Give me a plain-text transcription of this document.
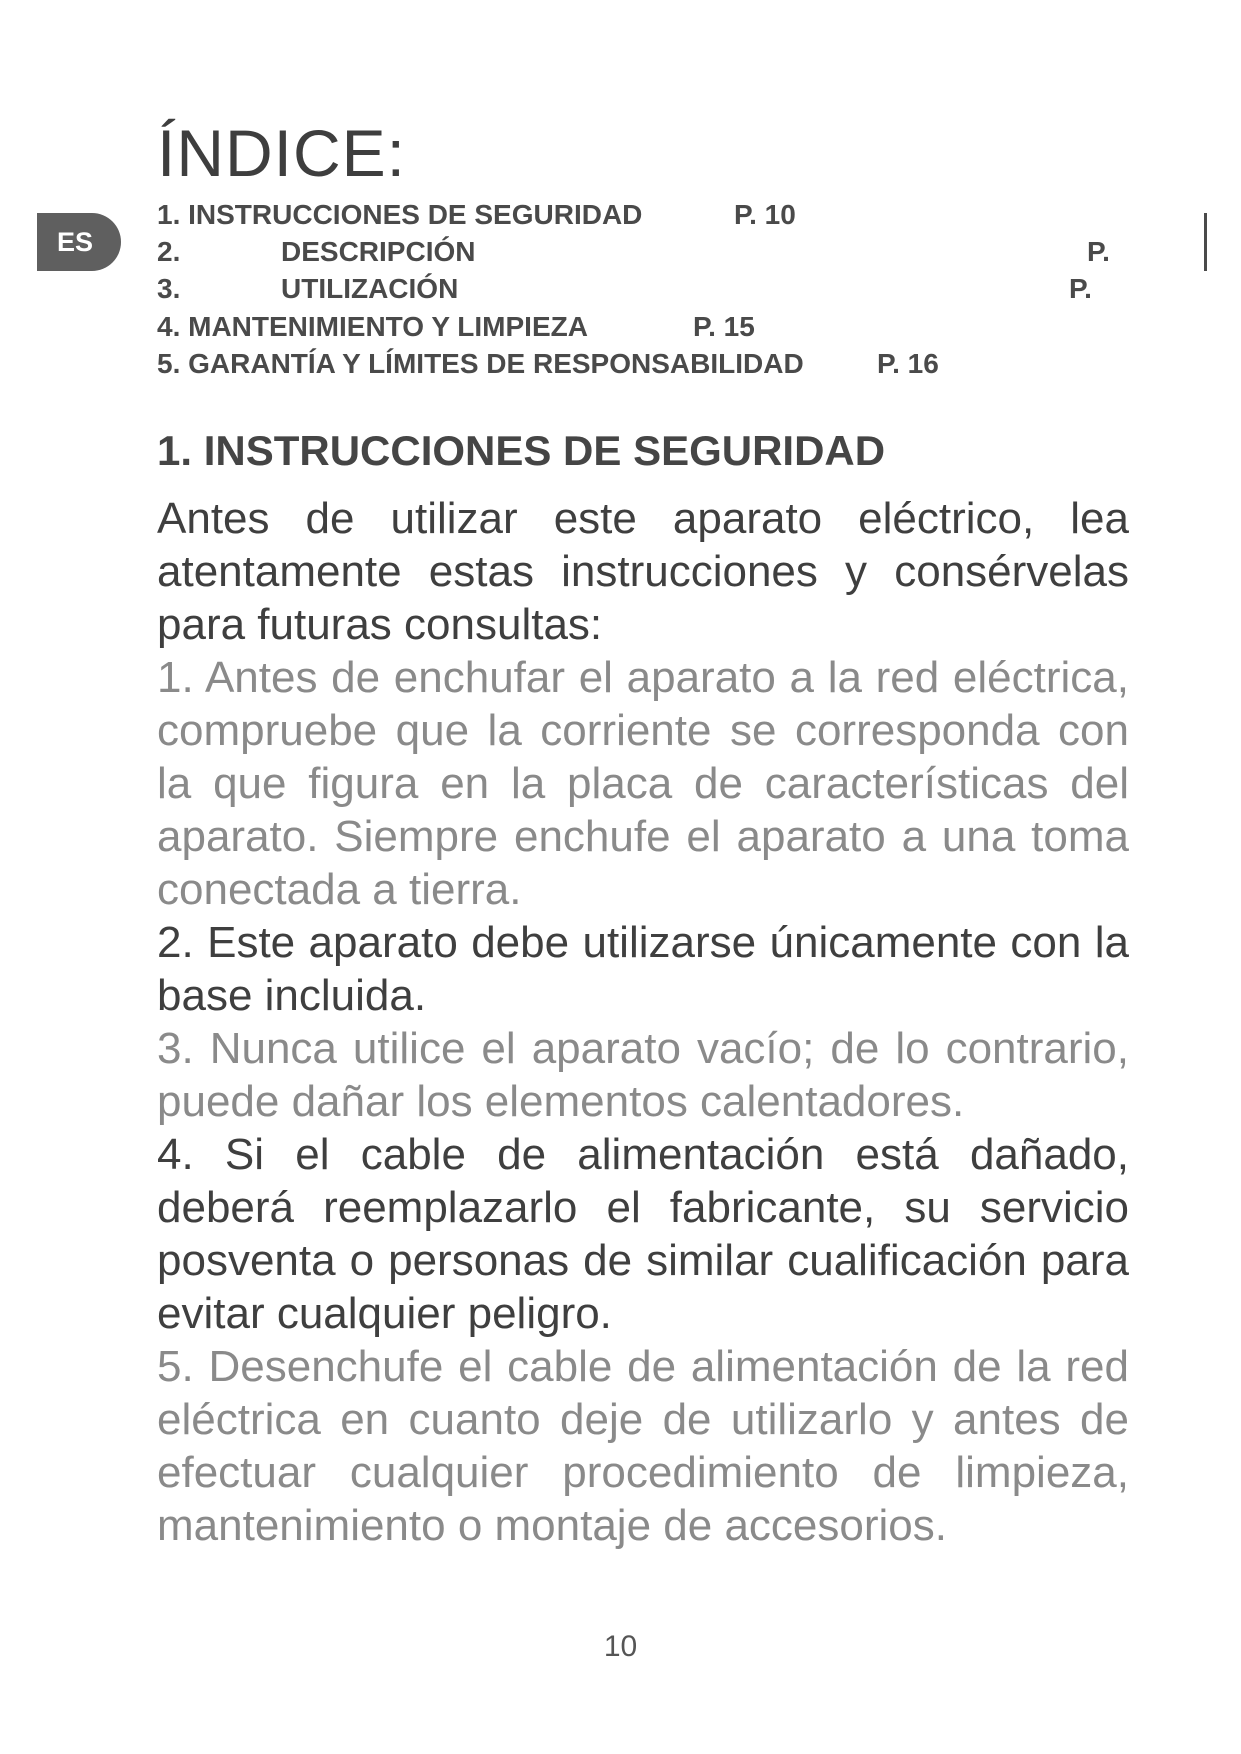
ES
ÍNDICE:
1. INSTRUCCIONES DE SEGURIDAD	P. 10
2.	DESCRIPCIÓN	P.
3.	UTILIZACIÓN	P.
4. MANTENIMIENTO Y LIMPIEZA	P. 15
5. GARANTÍA Y LÍMITES DE RESPONSABILIDAD	P. 16
1. INSTRUCCIONES DE SEGURIDAD

Antes de utilizar este aparato eléctrico, lea atentamente estas instrucciones y consérvelas para futuras consultas:

1. Antes de enchufar el aparato a la red eléctrica, compruebe que la corriente se corresponda con la que figura en la placa de características del aparato. Siempre enchufe el aparato a una toma conectada a tierra.

2. Este aparato debe utilizarse únicamente con la base incluida.

3. Nunca utilice el aparato vacío; de lo contrario, puede dañar los elementos calentadores.

4. Si el cable de alimentación está dañado, deberá reemplazarlo el fabricante, su servicio posventa o personas de similar cualificación para evitar cualquier peligro.

5. Desenchufe el cable de alimentación de la red eléctrica en cuanto deje de utilizarlo y antes de efectuar cualquier procedimiento de limpieza, mantenimiento o montaje de accesorios.

10
